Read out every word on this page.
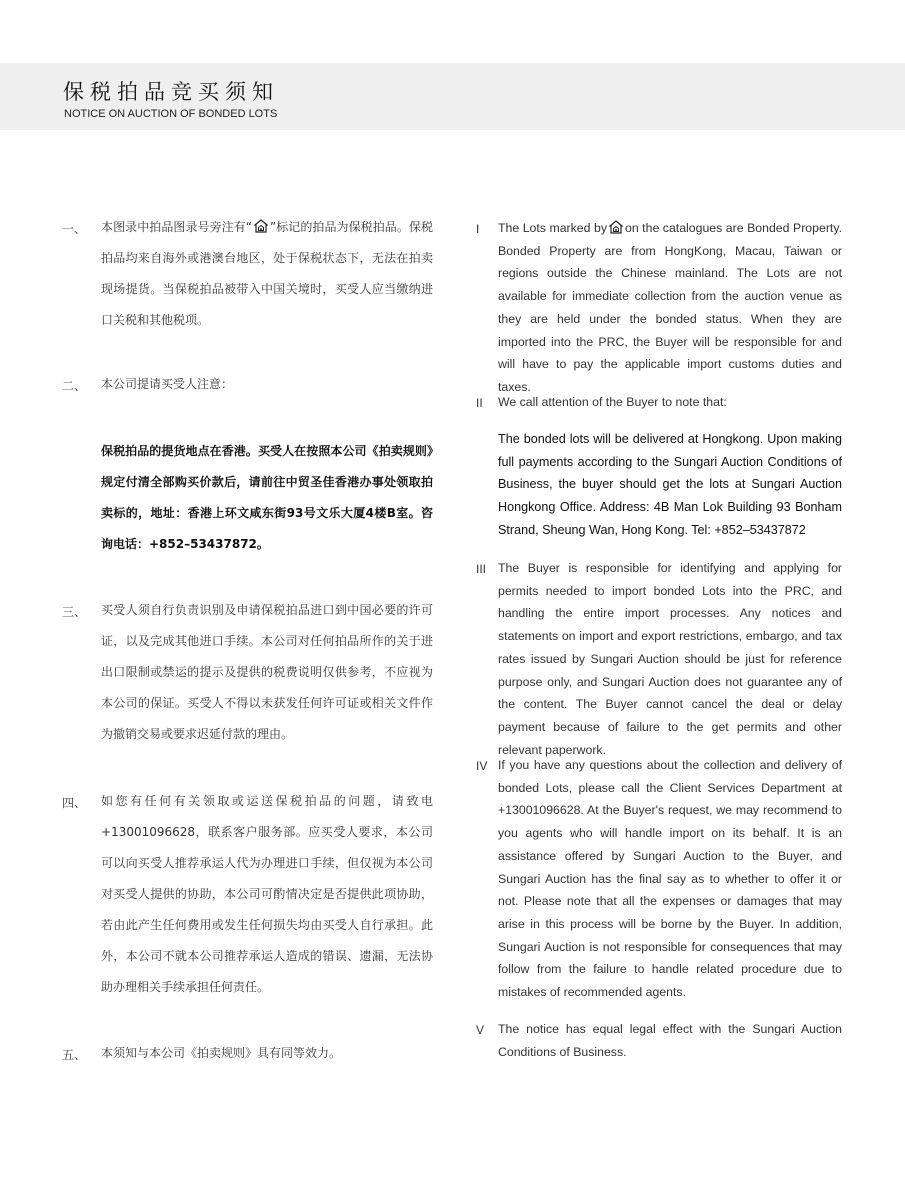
保税拍品竞买须知
NOTICE ON AUCTION OF BONDED LOTS
一、	本图录中拍品图录号旁注有“ ”标记的拍品为保税拍品。保税拍品均来自海外或港澳台地区，处于保税状态下，无法在拍卖现场提货。当保税拍品被带入中国关境时，买受人应当缴纳进口关税和其他税项。
二、	本公司提请买受人注意：
保税拍品的提货地点在香港。买受人在按照本公司《拍卖规则》规定付清全部购买价款后，请前往中贸圣佳香港办事处领取拍卖标的，地址：香港上环文咸东街93号文乐大厦4楼B室。咨询电话：+852–53437872。
三、	买受人须自行负责识别及申请保税拍品进口到中国必要的许可证，以及完成其他进口手续。本公司对任何拍品所作的关于进出口限制或禁运的提示及提供的税费说明仅供参考，不应视为本公司的保证。买受人不得以未获发任何许可证或相关文件作为撤销交易或要求迟延付款的理由。
四、	如您有任何有关领取或运送保税拍品的问题，请致电+13001096628，联系客户服务部。应买受人要求，本公司可以向买受人推荐承运人代为办理进口手续，但仅视为本公司对买受人提供的协助，本公司可酌情决定是否提供此项协助，若由此产生任何费用或发生任何损失均由买受人自行承担。此外，本公司不就本公司推荐承运人造成的错误、遗漏，无法协助办理相关手续承担任何责任。
五、	本须知与本公司《拍卖规则》具有同等效力。
I	The Lots marked by on the catalogues are Bonded Property. Bonded Property are from HongKong, Macau, Taiwan or regions outside the Chinese mainland. The Lots are not available for immediate collection from the auction venue as they are held under the bonded status. When they are imported into the PRC, the Buyer will be responsible for and will have to pay the applicable import customs duties and taxes.
II	We call attention of the Buyer to note that:
The bonded lots will be delivered at Hongkong. Upon making full payments according to the Sungari Auction Conditions of Business, the buyer should get the lots at Sungari Auction Hongkong Office. Address: 4B Man Lok Building 93 Bonham Strand, Sheung Wan, Hong Kong. Tel: +852–53437872
III The Buyer is responsible for identifying and applying for permits needed to import bonded Lots into the PRC, and handling the entire import processes. Any notices and statements on import and export restrictions, embargo, and tax rates issued by Sungari Auction should be just for reference purpose only, and Sungari Auction does not guarantee any of the content. The Buyer cannot cancel the deal or delay payment because of failure to the get permits and other relevant paperwork.
IV If you have any questions about the collection and delivery of bonded Lots, please call the Client Services Department at +13001096628. At the Buyer's request, we may recommend to you agents who will handle import on its behalf. It is an assistance offered by Sungari Auction to the Buyer, and Sungari Auction has the final say as to whether to offer it or not. Please note that all the expenses or damages that may arise in this process will be borne by the Buyer. In addition, Sungari Auction is not responsible for consequences that may follow from the failure to handle related procedure due to mistakes of recommended agents.
V	The notice has equal legal effect with the Sungari Auction Conditions of Business.
